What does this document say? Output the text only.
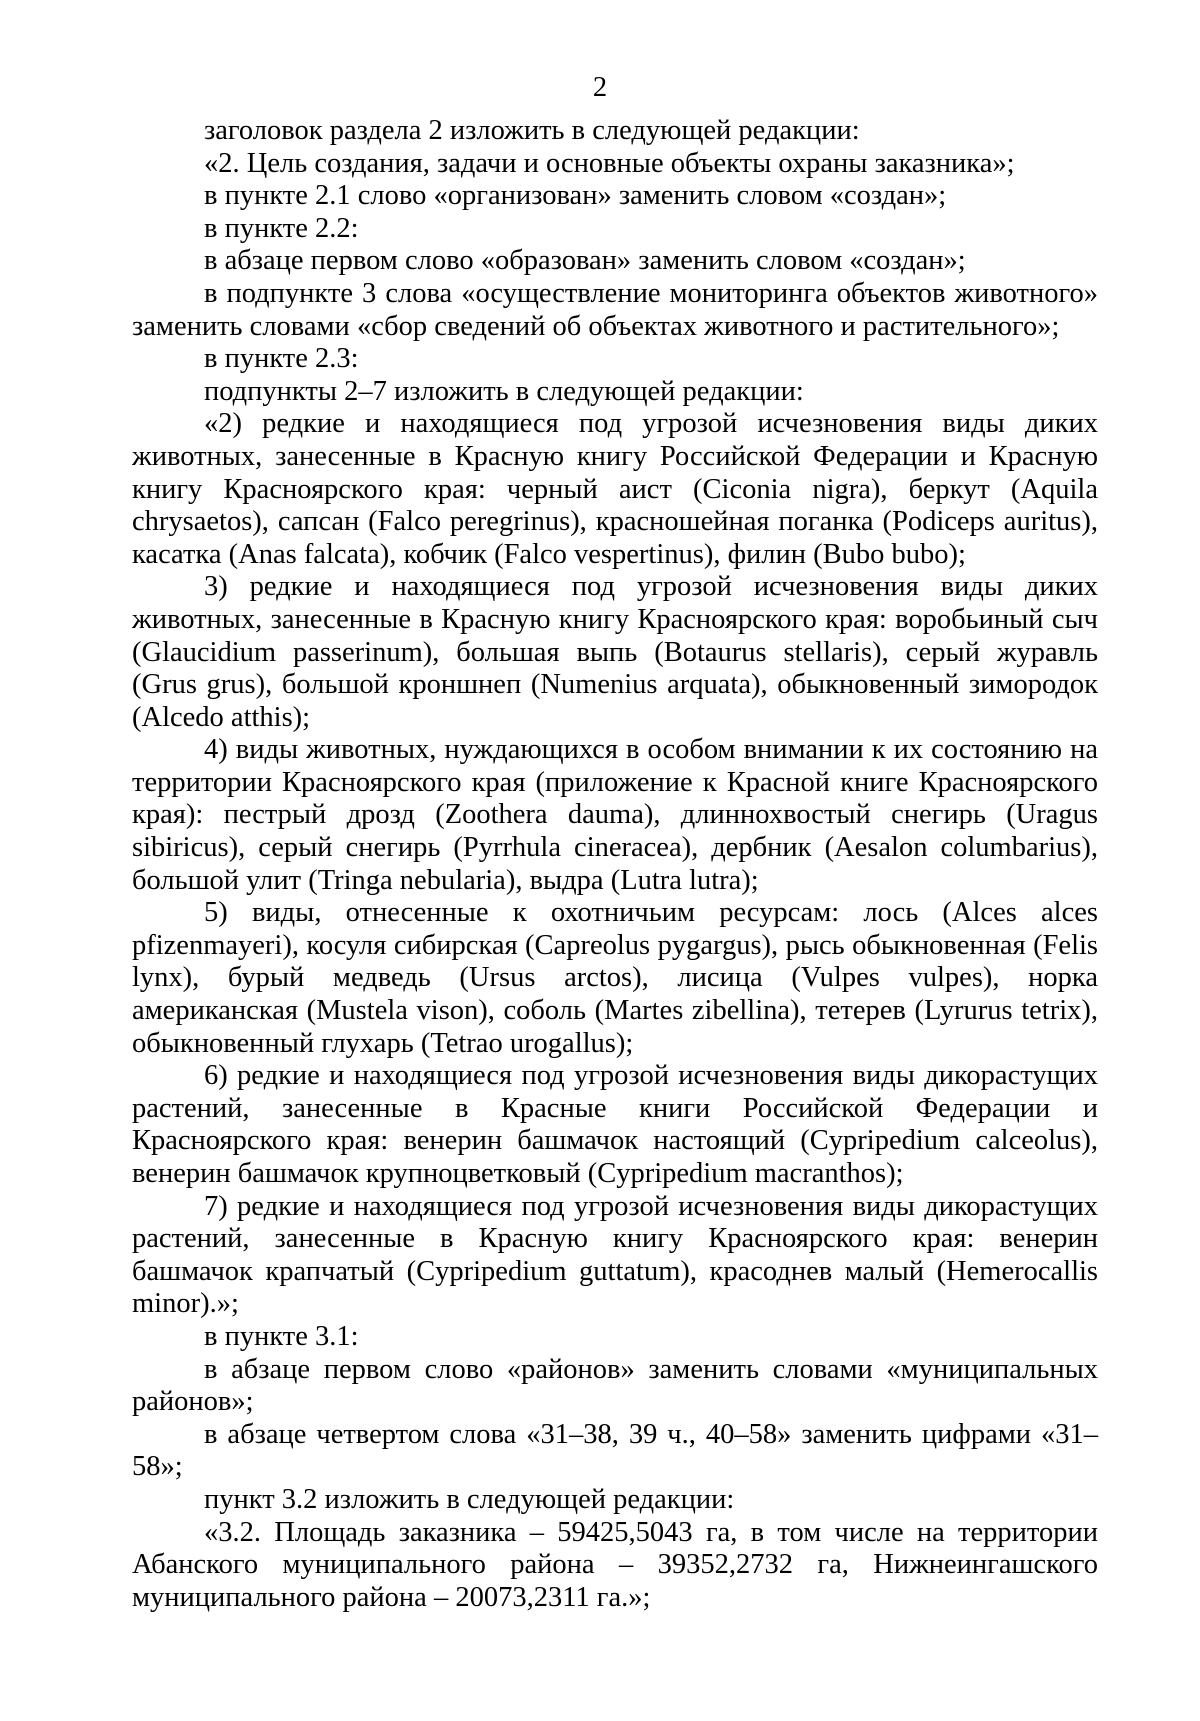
2

заголовок раздела 2 изложить в следующей редакции:

«2. Цель создания, задачи и основные объекты охраны заказника»;

в пункте 2.1 слово «организован» заменить словом «создан»;

в пункте 2.2:

в абзаце первом слово «образован» заменить словом «создан»;

в подпункте 3 слова «осуществление мониторинга объектов животного» заменить словами «сбор сведений об объектах животного и растительного»;

в пункте 2.3:

подпункты 2–7 изложить в следующей редакции:

«2) редкие и находящиеся под угрозой исчезновения виды диких животных, занесенные в Красную книгу Российской Федерации и Красную книгу Красноярского края: черный аист (Ciconia nigra), беркут (Aquila chrysaetos), сапсан (Falco peregrinus), красношейная поганка (Podiceps auritus), касатка (Anas falcata), кобчик (Falco vespertinus), филин (Bubo bubo);

3) редкие и находящиеся под угрозой исчезновения виды диких животных, занесенные в Красную книгу Красноярского края: воробьиный сыч (Glaucidium passerinum), большая выпь (Botaurus stellaris), серый журавль (Grus grus), большой кроншнеп (Numenius arquata), обыкновенный зимородок (Alcedo atthis);

4) виды животных, нуждающихся в особом внимании к их состоянию на территории Красноярского края (приложение к Красной книге Красноярского края): пестрый дрозд (Zoothera dauma), длиннохвостый снегирь (Uragus sibiricus), серый снегирь (Pyrrhula cineracea), дербник (Aesalon columbarius), большой улит (Tringa nebularia), выдра (Lutra lutra);

5) виды, отнесенные к охотничьим ресурсам: лось (Alces alces pfizenmayeri), косуля сибирская (Capreolus pygargus), рысь обыкновенная (Felis lynx), бурый медведь (Ursus arctos), лисица (Vulpes vulpes), норка американская (Mustela vison), соболь (Martes zibellina), тетерев (Lyrurus tetrix), обыкновенный глухарь (Tetrao urogallus);

6) редкие и находящиеся под угрозой исчезновения виды дикорастущих растений, занесенные в Красные книги Российской Федерации и Красноярского края: венерин башмачок настоящий (Cypripedium calceolus), венерин башмачок крупноцветковый (Cypripedium macranthos);

7) редкие и находящиеся под угрозой исчезновения виды дикорастущих растений, занесенные в Красную книгу Красноярского края: венерин башмачок крапчатый (Cypripedium guttatum), красоднев малый (Hemerocallis minor).»;

в пункте 3.1:

в абзаце первом слово «районов» заменить словами «муниципальных районов»;

в абзаце четвертом слова «31–38, 39 ч., 40–58» заменить цифрами «31–58»;

пункт 3.2 изложить в следующей редакции:

«3.2. Площадь заказника – 59425,5043 га, в том числе на территории Абанского муниципального района – 39352,2732 га, Нижнеингашского муниципального района – 20073,2311 га.»;
